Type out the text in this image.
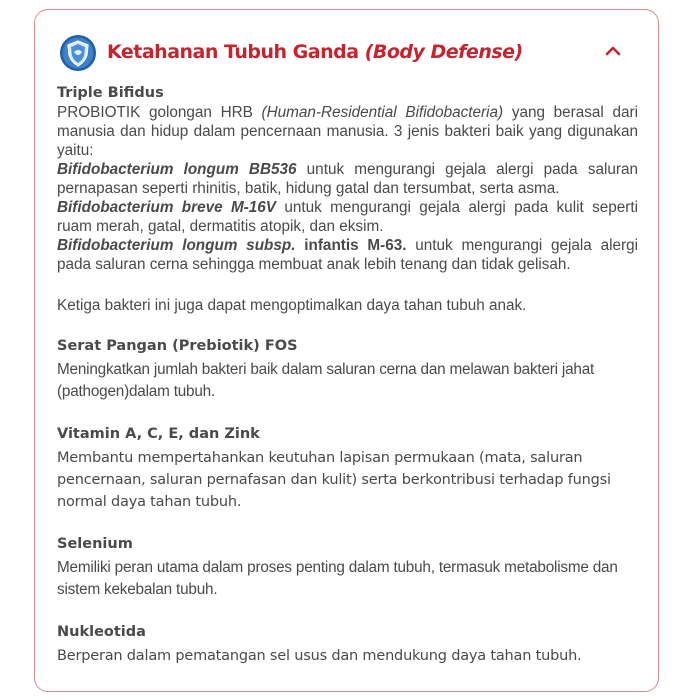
Ketahanan Tubuh Ganda (Body Defense)
Triple Bifidus
PROBIOTIK golongan HRB (Human-Residential Bifidobacteria) yang berasal dari manusia dan hidup dalam pencernaan manusia. 3 jenis bakteri baik yang digunakan yaitu:
Bifidobacterium longum BB536 untuk mengurangi gejala alergi pada saluran pernapasan seperti rhinitis, batik, hidung gatal dan tersumbat, serta asma.
Bifidobacterium breve M-16V untuk mengurangi gejala alergi pada kulit seperti ruam merah, gatal, dermatitis atopik, dan eksim.
Bifidobacterium longum subsp. infantis M-63. untuk mengurangi gejala alergi pada saluran cerna sehingga membuat anak lebih tenang dan tidak gelisah.
Ketiga bakteri ini juga dapat mengoptimalkan daya tahan tubuh anak.
Serat Pangan (Prebiotik) FOS
Meningkatkan jumlah bakteri baik dalam saluran cerna dan melawan bakteri jahat (pathogen)dalam tubuh.
Vitamin A, C, E, dan Zink
Membantu mempertahankan keutuhan lapisan permukaan (mata, saluran pencernaan, saluran pernafasan dan kulit) serta berkontribusi terhadap fungsi normal daya tahan tubuh.
Selenium
Memiliki peran utama dalam proses penting dalam tubuh, termasuk metabolisme dan sistem kekebalan tubuh.
Nukleotida
Berperan dalam pematangan sel usus dan mendukung daya tahan tubuh.
